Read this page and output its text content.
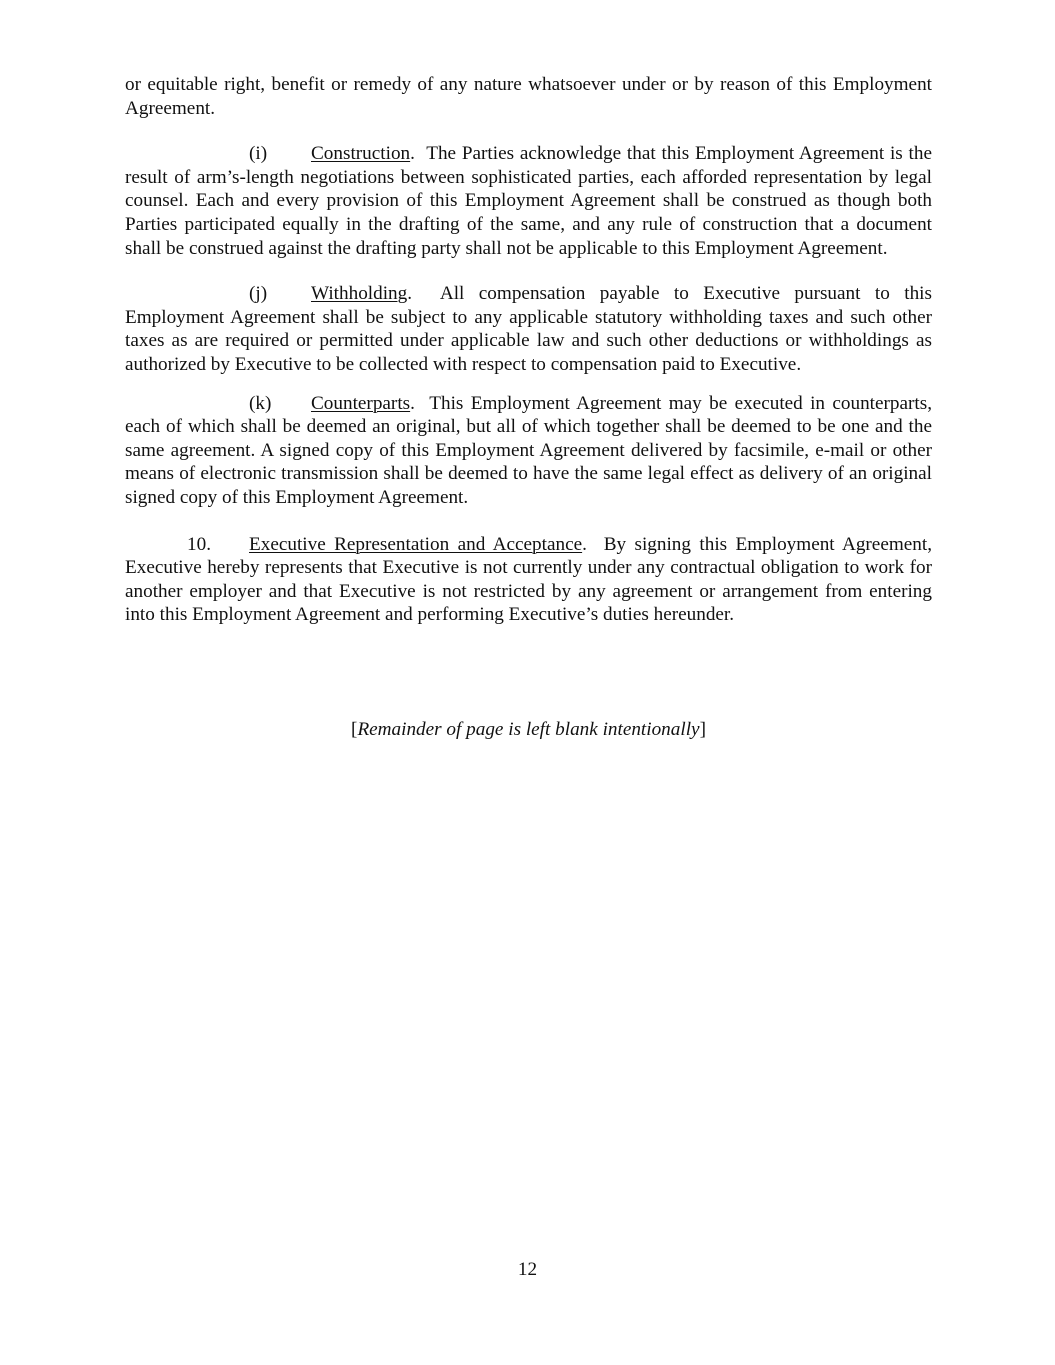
or equitable right, benefit or remedy of any nature whatsoever under or by reason of this Employment Agreement.

(i) Construction.  The Parties acknowledge that this Employment Agreement is the result of arm’s-length negotiations between sophisticated parties, each afforded representation by legal counsel. Each and every provision of this Employment Agreement shall be construed as though both Parties participated equally in the drafting of the same, and any rule of construction that a document shall be construed against the drafting party shall not be applicable to this Employment Agreement.

(j) Withholding.  All compensation payable to Executive pursuant to this Employment Agreement shall be subject to any applicable statutory withholding taxes and such other taxes as are required or permitted under applicable law and such other deductions or withholdings as authorized by Executive to be collected with respect to compensation paid to Executive.

(k) Counterparts.  This Employment Agreement may be executed in counterparts, each of which shall be deemed an original, but all of which together shall be deemed to be one and the same agreement. A signed copy of this Employment Agreement delivered by facsimile, e-mail or other means of electronic transmission shall be deemed to have the same legal effect as delivery of an original signed copy of this Employment Agreement.

10. Executive Representation and Acceptance.  By signing this Employment Agreement, Executive hereby represents that Executive is not currently under any contractual obligation to work for another employer and that Executive is not restricted by any agreement or arrangement from entering into this Employment Agreement and performing Executive’s duties hereunder.

[Remainder of page is left blank intentionally]
12
